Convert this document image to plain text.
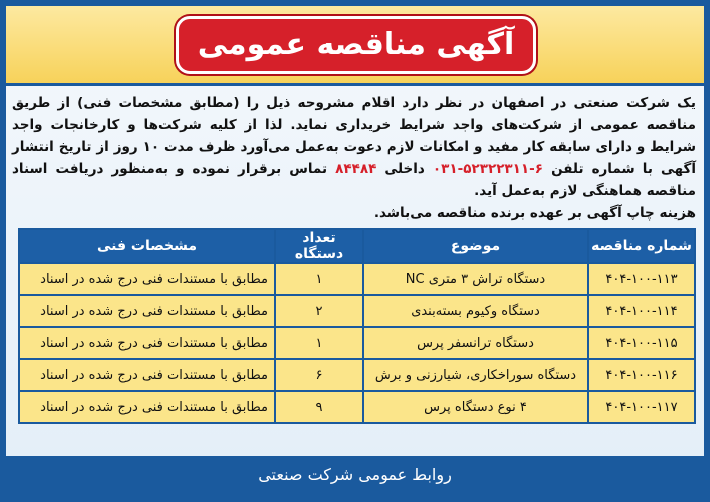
آگهی مناقصه عمومی
یک شرکت صنعتی در اصفهان در نظر دارد اقلام مشروحه ذیل را (مطابق مشخصات فنی) از طریق مناقصه عمومی از شرکت‌های واجد شرایط خریداری نماید. لذا از کلیه شرکت‌ها و کارخانجات واجد شرایط و دارای سابقه کار مفید و امکانات لازم دعوت به‌عمل می‌آورد ظرف مدت ۱۰ روز از تاریخ انتشار آگهی با شماره تلفن ۰۳۱-۵۲۳۲۲۳۱۱-۶ داخلی ۸۴۴۸۴ تماس برقرار نموده و به‌منظور دریافت اسناد مناقصه هماهنگی لازم به‌عمل آید.
هزینه چاپ آگهی بر عهده برنده مناقصه می‌باشد.
شماره مناقصه	موضوع	تعداد دستگاه	مشخصات فنی
۴۰۴-۱۰۰-۱۱۳	دستگاه تراش ۳ متری NC	۱	مطابق با مستندات فنی درج شده در اسناد
۴۰۴-۱۰۰-۱۱۴	دستگاه وکیوم بسته‌بندی	۲	مطابق با مستندات فنی درج شده در اسناد
۴۰۴-۱۰۰-۱۱۵	دستگاه ترانسفر پرس	۱	مطابق با مستندات فنی درج شده در اسناد
۴۰۴-۱۰۰-۱۱۶	دستگاه سوراخکاری، شیارزنی و برش	۶	مطابق با مستندات فنی درج شده در اسناد
۴۰۴-۱۰۰-۱۱۷	۴ نوع دستگاه پرس	۹	مطابق با مستندات فنی درج شده در اسناد
روابط عمومی شرکت صنعتی
